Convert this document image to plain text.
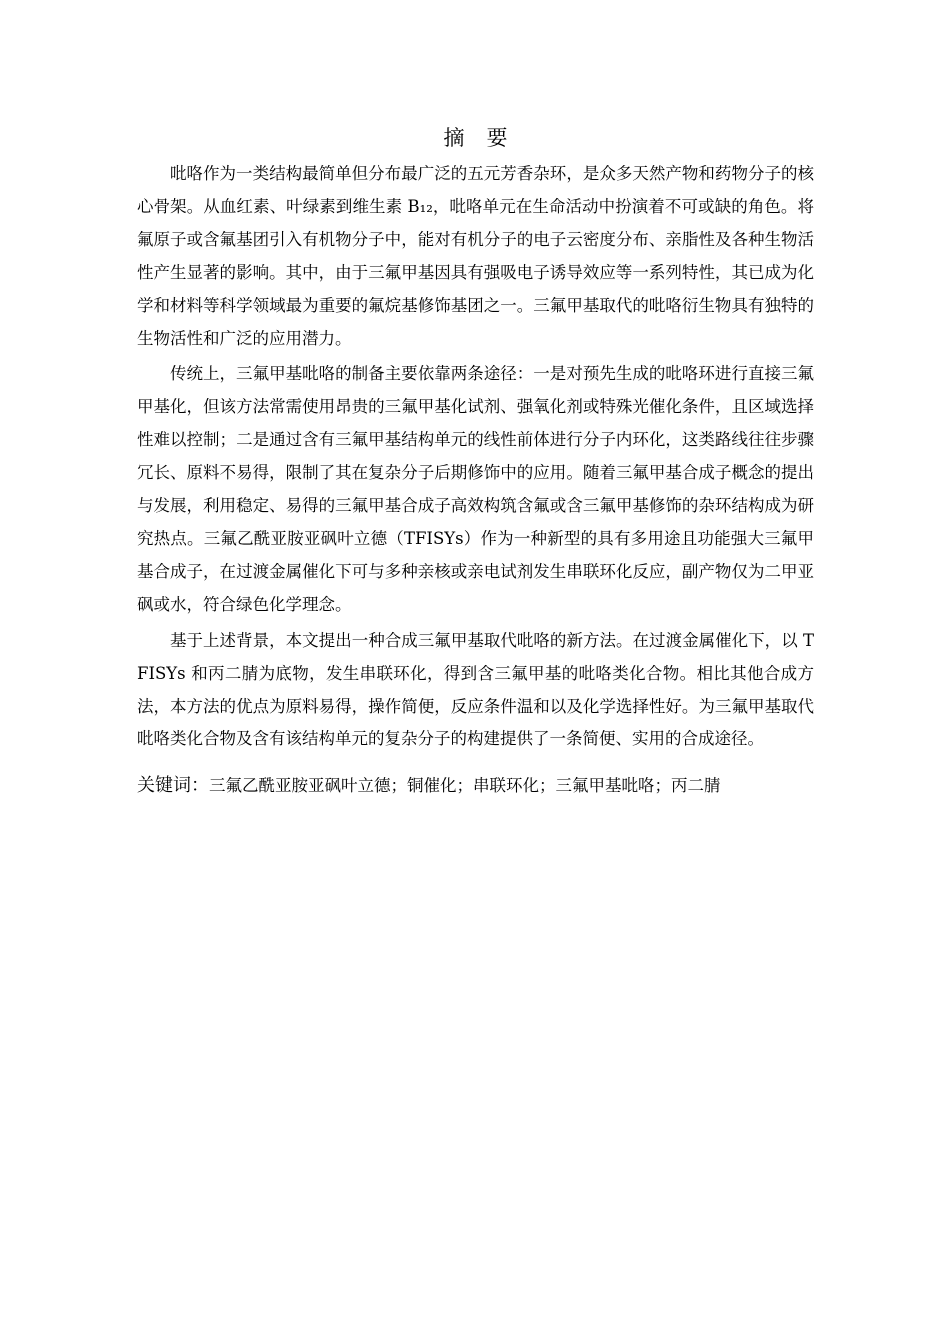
摘 要

吡咯作为一类结构最简单但分布最广泛的五元芳香杂环，是众多天然产物和药物分子的核心骨架。从血红素、叶绿素到维生素 B₁₂，吡咯单元在生命活动中扮演着不可或缺的角色。将氟原子或含氟基团引入有机物分子中，能对有机分子的电子云密度分布、亲脂性及各种生物活性产生显著的影响。其中，由于三氟甲基因具有强吸电子诱导效应等一系列特性，其已成为化学和材料等科学领域最为重要的氟烷基修饰基团之一。三氟甲基取代的吡咯衍生物具有独特的生物活性和广泛的应用潜力。

传统上，三氟甲基吡咯的制备主要依靠两条途径：一是对预先生成的吡咯环进行直接三氟甲基化，但该方法常需使用昂贵的三氟甲基化试剂、强氧化剂或特殊光催化条件，且区域选择性难以控制；二是通过含有三氟甲基结构单元的线性前体进行分子内环化，这类路线往往步骤冗长、原料不易得，限制了其在复杂分子后期修饰中的应用。随着三氟甲基合成子概念的提出与发展，利用稳定、易得的三氟甲基合成子高效构筑含氟或含三氟甲基修饰的杂环结构成为研究热点。三氟乙酰亚胺亚砜叶立德（TFISYs）作为一种新型的具有多用途且功能强大三氟甲基合成子，在过渡金属催化下可与多种亲核或亲电试剂发生串联环化反应，副产物仅为二甲亚砜或水，符合绿色化学理念。

基于上述背景，本文提出一种合成三氟甲基取代吡咯的新方法。在过渡金属催化下，以 TFISYs 和丙二腈为底物，发生串联环化，得到含三氟甲基的吡咯类化合物。相比其他合成方法，本方法的优点为原料易得，操作简便，反应条件温和以及化学选择性好。为三氟甲基取代吡咯类化合物及含有该结构单元的复杂分子的构建提供了一条简便、实用的合成途径。

关键词：三氟乙酰亚胺亚砜叶立德；铜催化；串联环化；三氟甲基吡咯；丙二腈
